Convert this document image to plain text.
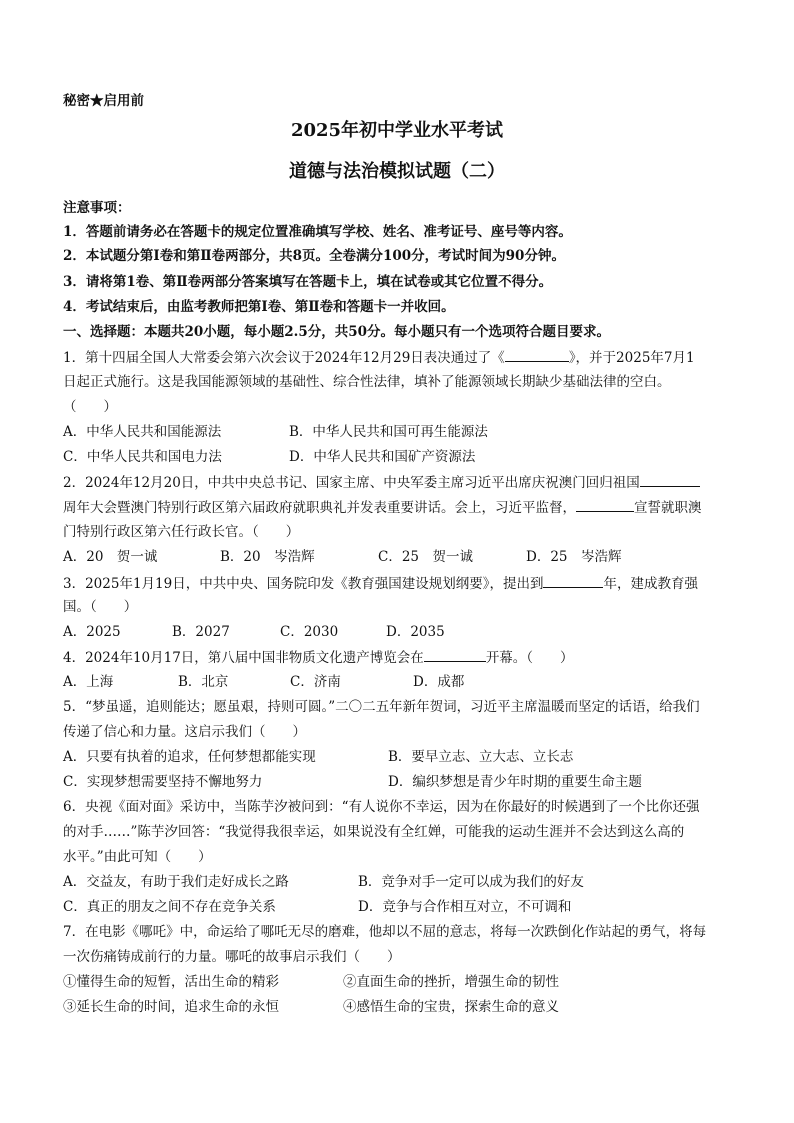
秘密★启用前
2025年初中学业水平考试
道德与法治模拟试题（二）
注意事项：
1．答题前请务必在答题卡的规定位置准确填写学校、姓名、准考证号、座号等内容。
2．本试题分第Ⅰ卷和第Ⅱ卷两部分，共8页。全卷满分100分，考试时间为90分钟。
3．请将第1卷、第Ⅱ卷两部分答案填写在答题卡上，填在试卷或其它位置不得分。
4．考试结束后，由监考教师把第Ⅰ卷、第Ⅱ卷和答题卡一并收回。
一、选择题：本题共20小题，每小题2.5分，共50分。每小题只有一个选项符合题目要求。
1．第十四届全国人大常委会第六次会议于2024年12月29日表决通过了《	》，并于2025年7月1
日起正式施行。这是我国能源领域的基础性、综合性法律，填补了能源领域长期缺少基础法律的空白。
（　　）
A．中华人民共和国能源法	B．中华人民共和国可再生能源法
C．中华人民共和国电力法	D．中华人民共和国矿产资源法
2．2024年12月20日，中共中央总书记、国家主席、中央军委主席习近平出席庆祝澳门回归祖国
周年大会暨澳门特别行政区第六届政府就职典礼并发表重要讲话。会上，习近平监督，	宣誓就职澳
门特别行政区第六任行政长官。（　　）
A．20　贺一诚	B．20　岑浩辉	C．25　贺一诚	D．25　岑浩辉
3．2025年1月19日，中共中央、国务院印发《教育强国建设规划纲要》，提出到	年，建成教育强
国。（　　）
A．2025	B．2027	C．2030	D．2035
4．2024年10月17日，第八届中国非物质文化遗产博览会在	开幕。（　　）
A．上海	B．北京	C．济南	D．成都
5．“梦虽遥，追则能达；愿虽艰，持则可圆。”二〇二五年新年贺词，习近平主席温暖而坚定的话语，给我们
传递了信心和力量。这启示我们（　　）
A．只要有执着的追求，任何梦想都能实现	B．要早立志、立大志、立长志
C．实现梦想需要坚持不懈地努力	D．编织梦想是青少年时期的重要生命主题
6．央视《面对面》采访中，当陈芋汐被问到：“有人说你不幸运，因为在你最好的时候遇到了一个比你还强
的对手……”陈芋汐回答：“我觉得我很幸运，如果说没有全红婵，可能我的运动生涯并不会达到这么高的
水平。”由此可知（　　）
A．交益友，有助于我们走好成长之路	B．竞争对手一定可以成为我们的好友
C．真正的朋友之间不存在竞争关系	D．竞争与合作相互对立，不可调和
7．在电影《哪吒》中，命运给了哪吒无尽的磨难，他却以不屈的意志，将每一次跌倒化作站起的勇气，将每
一次伤痛铸成前行的力量。哪吒的故事启示我们（　　）
①懂得生命的短暂，活出生命的精彩	②直面生命的挫折，增强生命的韧性
③延长生命的时间，追求生命的永恒	④感悟生命的宝贵，探索生命的意义
